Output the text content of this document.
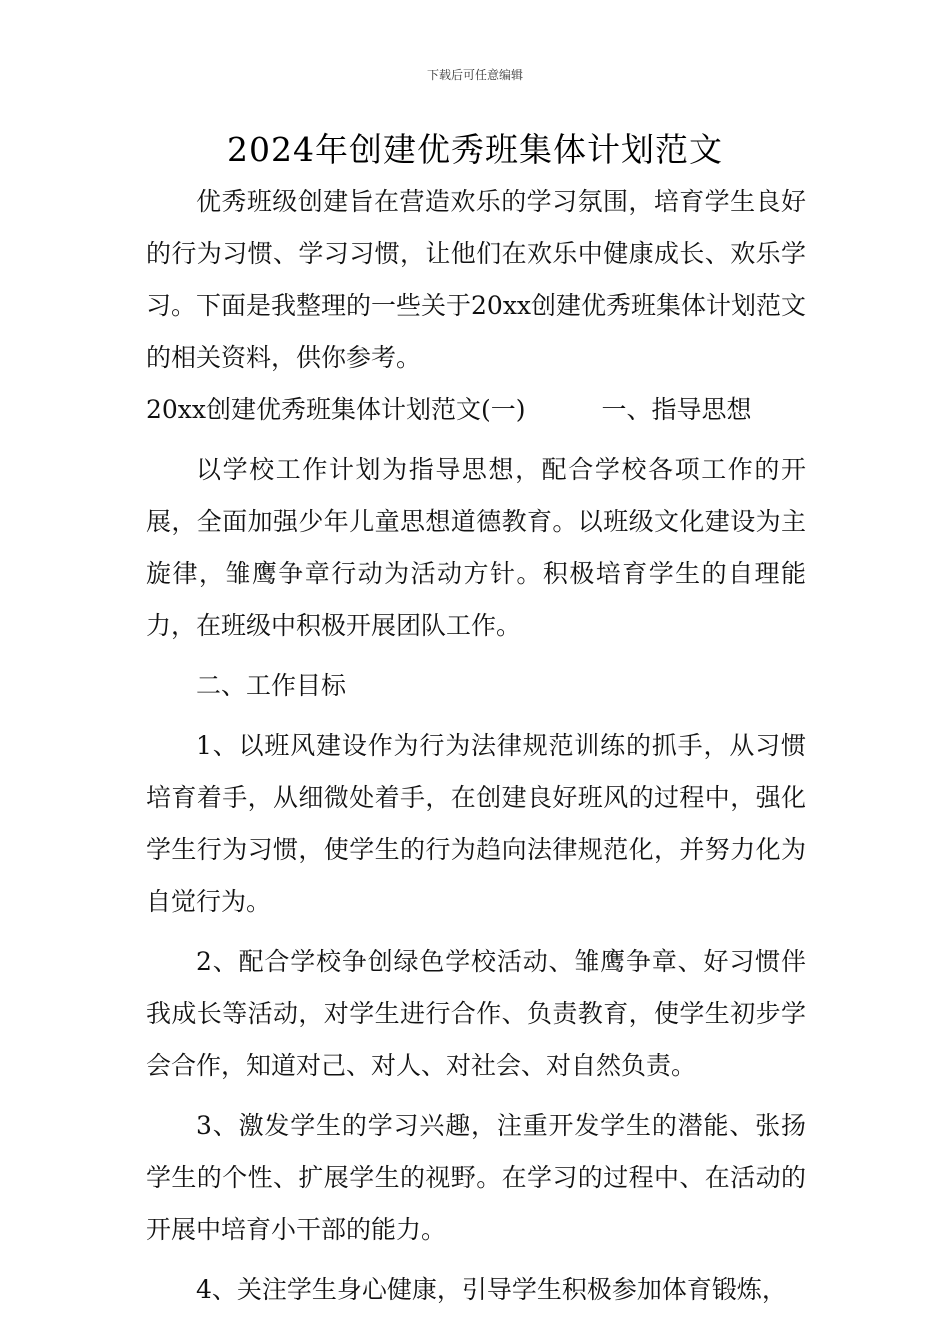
下载后可任意编辑
2024年创建优秀班集体计划范文

优秀班级创建旨在营造欢乐的学习氛围，培育学生良好的行为习惯、学习习惯，让他们在欢乐中健康成长、欢乐学习。下面是我整理的一些关于20xx创建优秀班集体计划范文的相关资料，供你参考。

20xx创建优秀班集体计划范文(一)	一、指导思想

以学校工作计划为指导思想，配合学校各项工作的开展，全面加强少年儿童思想道德教育。以班级文化建设为主旋律，雏鹰争章行动为活动方针。积极培育学生的自理能力，在班级中积极开展团队工作。

二、工作目标

1、以班风建设作为行为法律规范训练的抓手，从习惯培育着手，从细微处着手，在创建良好班风的过程中，强化学生行为习惯，使学生的行为趋向法律规范化，并努力化为自觉行为。

2、配合学校争创绿色学校活动、雏鹰争章、好习惯伴我成长等活动，对学生进行合作、负责教育，使学生初步学会合作，知道对己、对人、对社会、对自然负责。

3、激发学生的学习兴趣，注重开发学生的潜能、张扬学生的个性、扩展学生的视野。在学习的过程中、在活动的开展中培育小干部的能力。

4、关注学生身心健康，引导学生积极参加体育锻炼，
